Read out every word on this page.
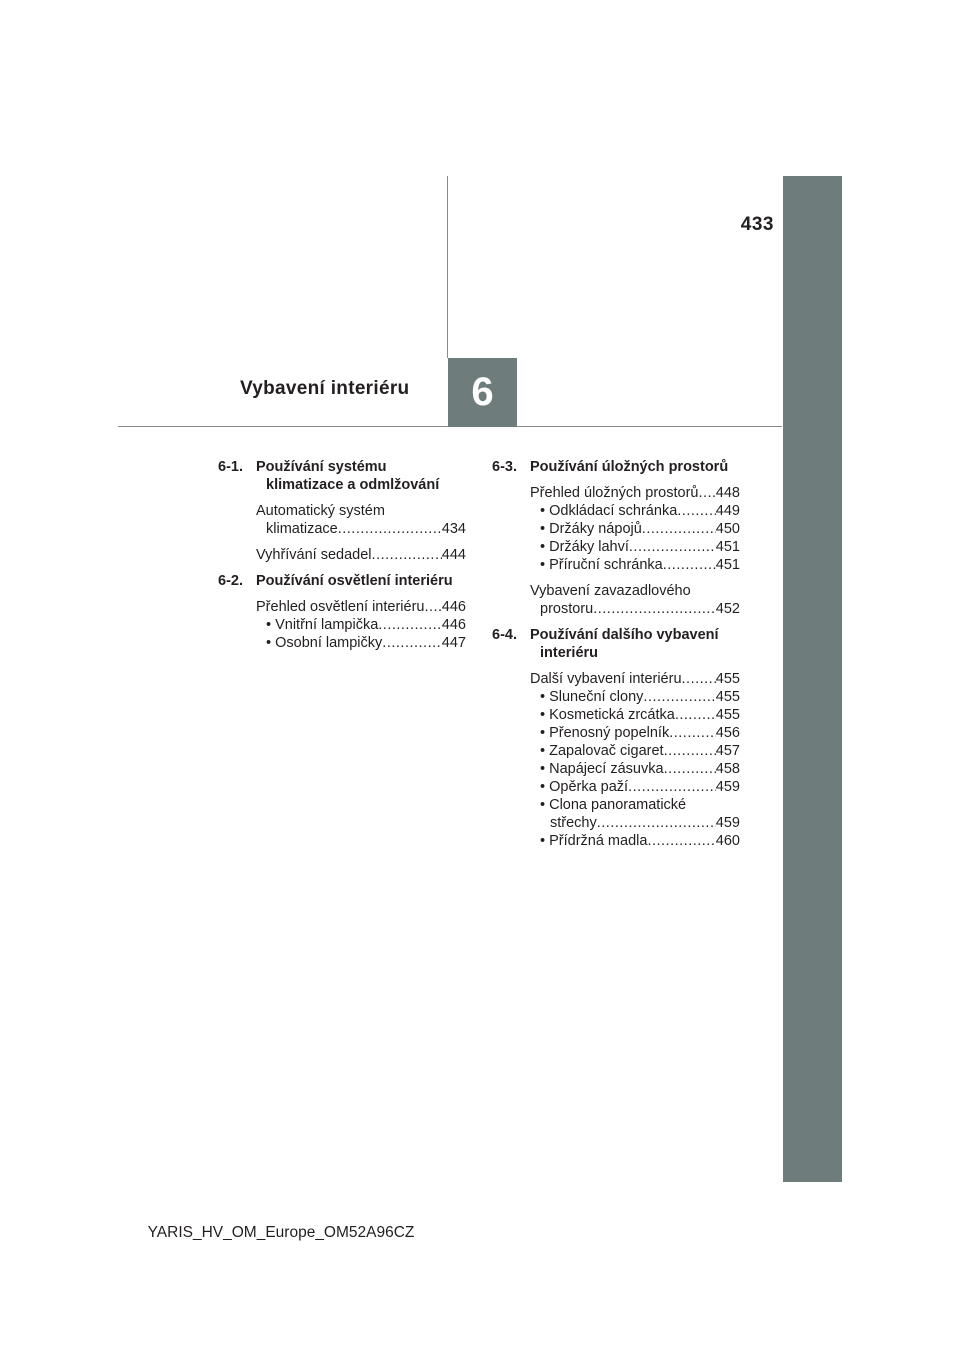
433
Vybavení interiéru	6
6-1. Používání systému klimatizace a odmlžování
Automatický systém
klimatizace .....	434
Vyhřívání sedadel .....	444
6-2. Používání osvětlení interiéru
Přehled osvětlení interiéru ..... 446
• Vnitřní lampička .....	446
• Osobní lampičky .....	447
6-3. Používání úložných prostorů
Přehled úložných prostorů ..... 448
• Odkládací schránka .....	449
• Držáky nápojů .....	450
• Držáky lahví .....	451
• Příruční schránka .....	451
Vybavení zavazadlového
prostoru .....	452
6-4. Používání dalšího vybavení interiéru
Další vybavení interiéru ..... 455
• Sluneční clony .....	455
• Kosmetická zrcátka .....	455
• Přenosný popelník .....	456
• Zapalovač cigaret .....	457
• Napájecí zásuvka .....	458
• Opěrka paží .....	459
• Clona panoramatické
střechy .....	459
• Přídržná madla .....	460
YARIS_HV_OM_Europe_OM52A96CZ
